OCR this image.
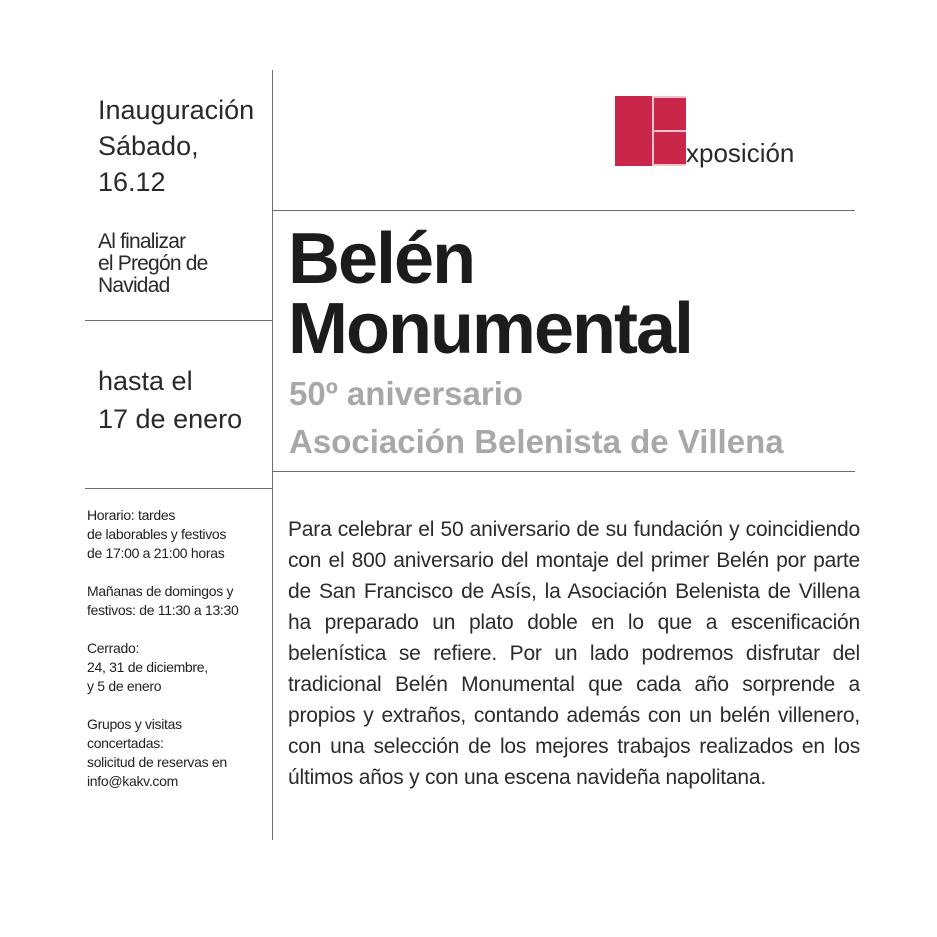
Inauguración
Sábado,
16.12
Al finalizar
el Pregón de
Navidad
hasta el
17 de enero
Horario: tardes
de laborables y festivos
de 17:00 a 21:00 horas
Mañanas de domingos y
festivos: de 11:30 a 13:30
Cerrado:
24, 31 de diciembre,
y 5 de enero
Grupos y visitas
concertadas:
solicitud de reservas en
info@kakv.com
xposición
Belén
Monumental
50º aniversario
Asociación Belenista de Villena
Para celebrar el 50 aniversario de su fundación y coincidiendo con el 800 aniversario del montaje del primer Belén por parte de San Francisco de Asís, la Asociación Belenista de Villena ha preparado un plato doble en lo que a escenificación belenística se refiere. Por un lado podremos disfrutar del tradicional Belén Monumental que cada año sorprende a propios y extraños, contando además con un belén villenero, con una selección de los mejores trabajos realizados en los últimos años y con una escena navideña napolitana.
